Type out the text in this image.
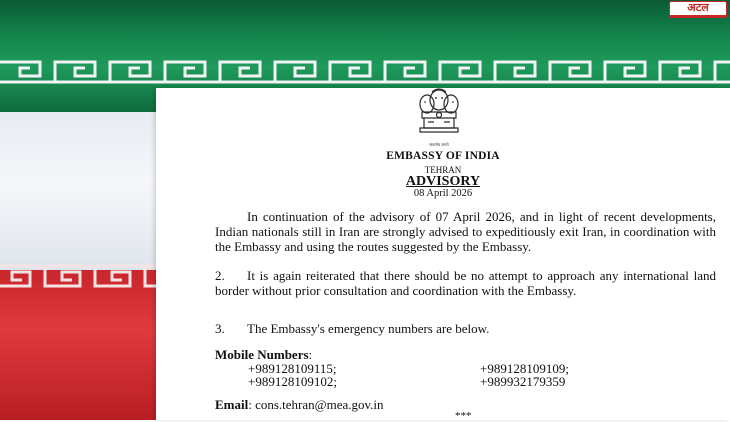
अटल
सत्यमेव जयते
EMBASSY OF INDIA
TEHRAN
ADVISORY
08 April 2026
In continuation of the advisory of 07 April 2026, and in light of recent developments, Indian nationals still in Iran are strongly advised to expeditiously exit Iran, in coordination with the Embassy and using the routes suggested by the Embassy.
2. It is again reiterated that there should be no attempt to approach any international land border without prior consultation and coordination with the Embassy.
3. The Embassy's emergency numbers are below.
Mobile Numbers:
+989128109115;	+989128109109;
+989128109102;	+989932179359
Email: cons.tehran@mea.gov.in
***
